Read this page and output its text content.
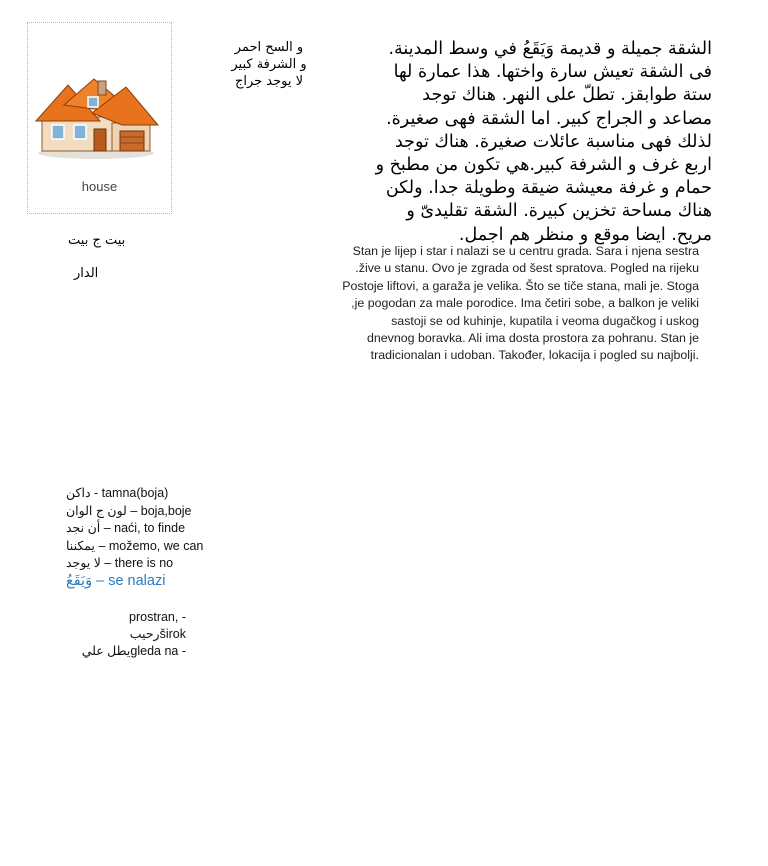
house
بيت ج بيت
الدار
و السح احمر
و الشرفة كبير
لا يوجد جراج
الشقة جميلة و قديمة وَيَقَعُ في وسط المدينة.
فى الشقة تعيش سارة واختها. هذا عمارة لها
ستة طوابقز. تطلّ على النهر. هناك توجد
مصاعد و الجراج كبير. اما الشقة فهى صغيرة.
لذلك فهى مناسبة عائلات صغيرة. هناك توجد
اربع غرف و الشرفة كبير.هي تكون من مطبخ و
حمام و غرفة معيشة ضيقة وطويلة جدا. ولكن
هناك مساحة تخزين كبيرة. الشقة تقليدىّ و
مريح. ايضا موقع و منظر هم اجمل.
Stan je lijep i star i nalazi se u centru grada. Sara i njena sestra
žive u stanu. Ovo je zgrada od šest spratova. Pogled na rijeku.
Postoje liftovi, a garaža je velika. Što se tiče stana, mali je. Stoga
je pogodan za male porodice. Ima četiri sobe, a balkon je veliki,
sastoji se od kuhinje, kupatila i veoma dugačkog i uskog
dnevnog boravka. Ali ima dosta prostora za pohranu. Stan je
.tradicionalan i udoban. Također, lokacija i pogled su najbolji
داكن - tamna(boja)
لون ج الوان – boja,boje
أن نجد – naći, to finde
يمكننا – možemo, we can
لا يوجد – there is no
وَيَقَعُ – se nalazi
prostran, -
رحيبširok
يطل عليgleda na -
